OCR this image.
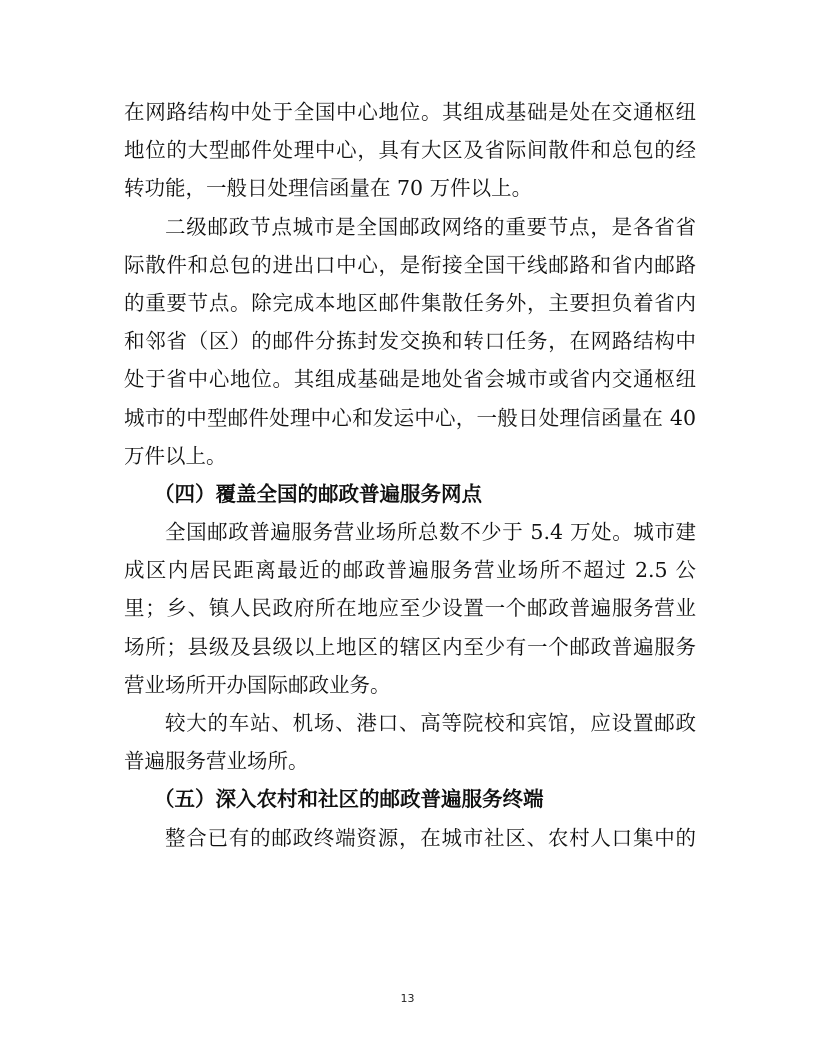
在网路结构中处于全国中心地位。其组成基础是处在交通枢纽
地位的大型邮件处理中心，具有大区及省际间散件和总包的经
转功能，一般日处理信函量在 70 万件以上。
二级邮政节点城市是全国邮政网络的重要节点，是各省省
际散件和总包的进出口中心，是衔接全国干线邮路和省内邮路
的重要节点。除完成本地区邮件集散任务外，主要担负着省内
和邻省（区）的邮件分拣封发交换和转口任务，在网路结构中
处于省中心地位。其组成基础是地处省会城市或省内交通枢纽
城市的中型邮件处理中心和发运中心，一般日处理信函量在 40
万件以上。
（四）覆盖全国的邮政普遍服务网点
全国邮政普遍服务营业场所总数不少于 5.4 万处。城市建
成区内居民距离最近的邮政普遍服务营业场所不超过 2.5 公
里；乡、镇人民政府所在地应至少设置一个邮政普遍服务营业
场所；县级及县级以上地区的辖区内至少有一个邮政普遍服务
营业场所开办国际邮政业务。
较大的车站、机场、港口、高等院校和宾馆，应设置邮政
普遍服务营业场所。
（五）深入农村和社区的邮政普遍服务终端
整合已有的邮政终端资源，在城市社区、农村人口集中的
13
